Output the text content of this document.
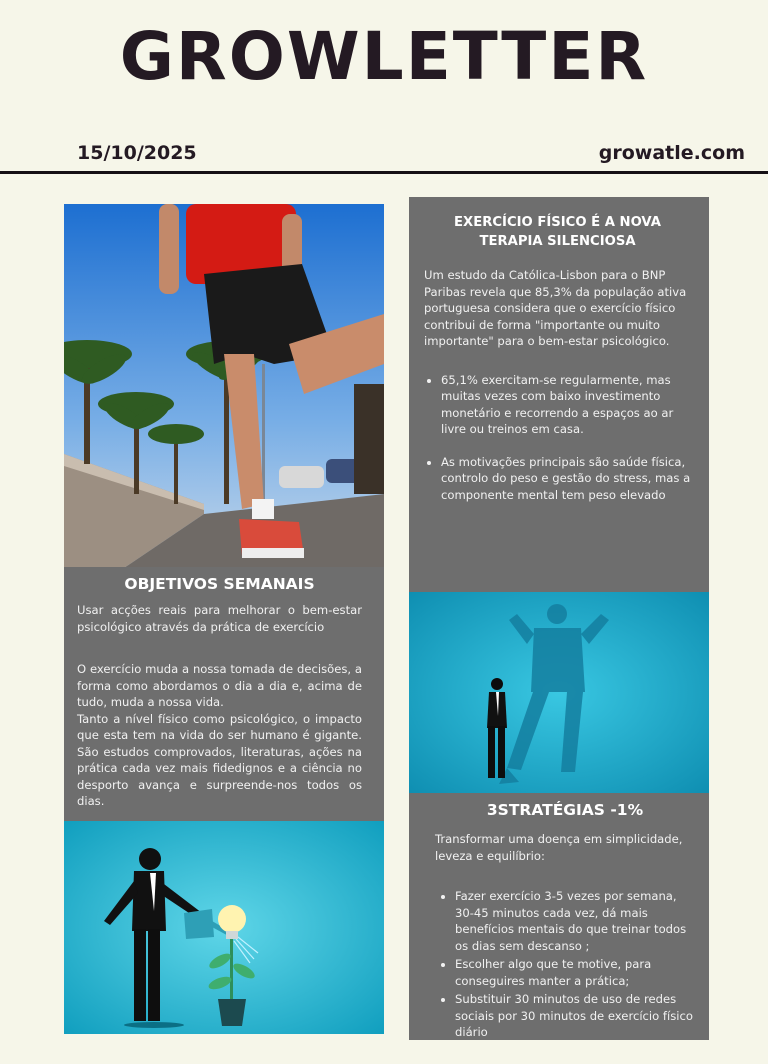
GROWLETTER
15/10/2025	growatle.com
OBJETIVOS SEMANAIS

Usar acções reais para melhorar o bem-estar psicológico através da prática de exercício

O exercício muda a nossa tomada de decisões, a forma como abordamos o dia a dia e, acima de tudo, muda a nossa vida.

Tanto a nível físico como psicológico, o impacto que esta tem na vida do ser humano é gigante. São estudos comprovados, literaturas, ações na prática cada vez mais fidedignos e a ciência no desporto avança e surpreende-nos todos os dias.

EXERCÍCIO FÍSICO É A NOVA TERAPIA SILENCIOSA

Um estudo da Católica-Lisbon para o BNP Paribas revela que 85,3% da população ativa portuguesa considera que o exercício físico contribui de forma "importante ou muito importante" para o bem-estar psicológico.

• 65,1% exercitam-se regularmente, mas muitas vezes com baixo investimento monetário e recorrendo a espaços ao ar livre ou treinos em casa.
• As motivações principais são saúde física, controlo do peso e gestão do stress, mas a componente mental tem peso elevado
3STRATÉGIAS -1%

Transformar uma doença em simplicidade, leveza e equilíbrio:

• Fazer exercício 3-5 vezes por semana, 30-45 minutos cada vez, dá mais benefícios mentais do que treinar todos os dias sem descanso ;
• Escolher algo que te motive, para conseguires manter a prática;
• Substituir 30 minutos de uso de redes sociais por 30 minutos de exercício físico diário
